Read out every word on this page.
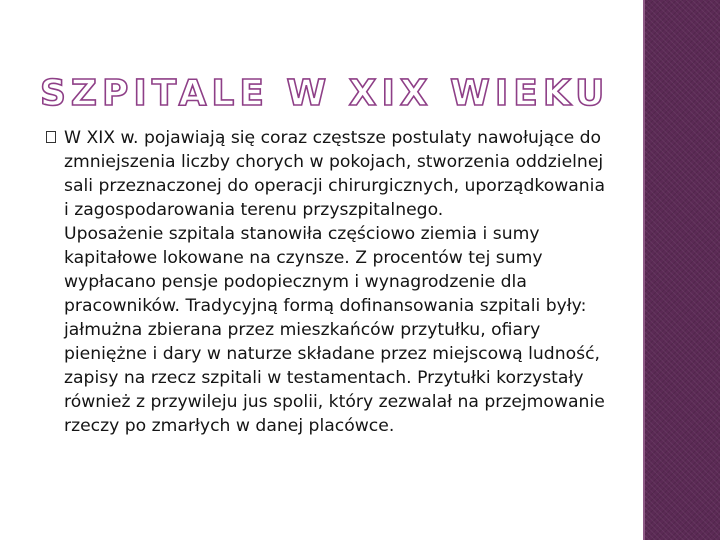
SZPITALE W XIX WIEKU

W XIX w. pojawiają się coraz częstsze postulaty nawołujące do zmniejszenia liczby chorych w pokojach, stworzenia oddzielnej sali przeznaczonej do operacji chirurgicznych, uporządkowania i zagospodarowania terenu przyszpitalnego.

Uposażenie szpitala stanowiła częściowo ziemia i sumy kapitałowe lokowane na czynsze. Z procentów tej sumy wypłacano pensje podopiecznym i wynagrodzenie dla pracowników. Tradycyjną formą dofinansowania szpitali były: jałmużna zbierana przez mieszkańców przytułku, ofiary pieniężne i dary w naturze składane przez miejscową ludność, zapisy na rzecz szpitali w testamentach. Przytułki korzystały również z przywileju jus spolii, który zezwalał na przejmowanie rzeczy po zmarłych w danej placówce.
